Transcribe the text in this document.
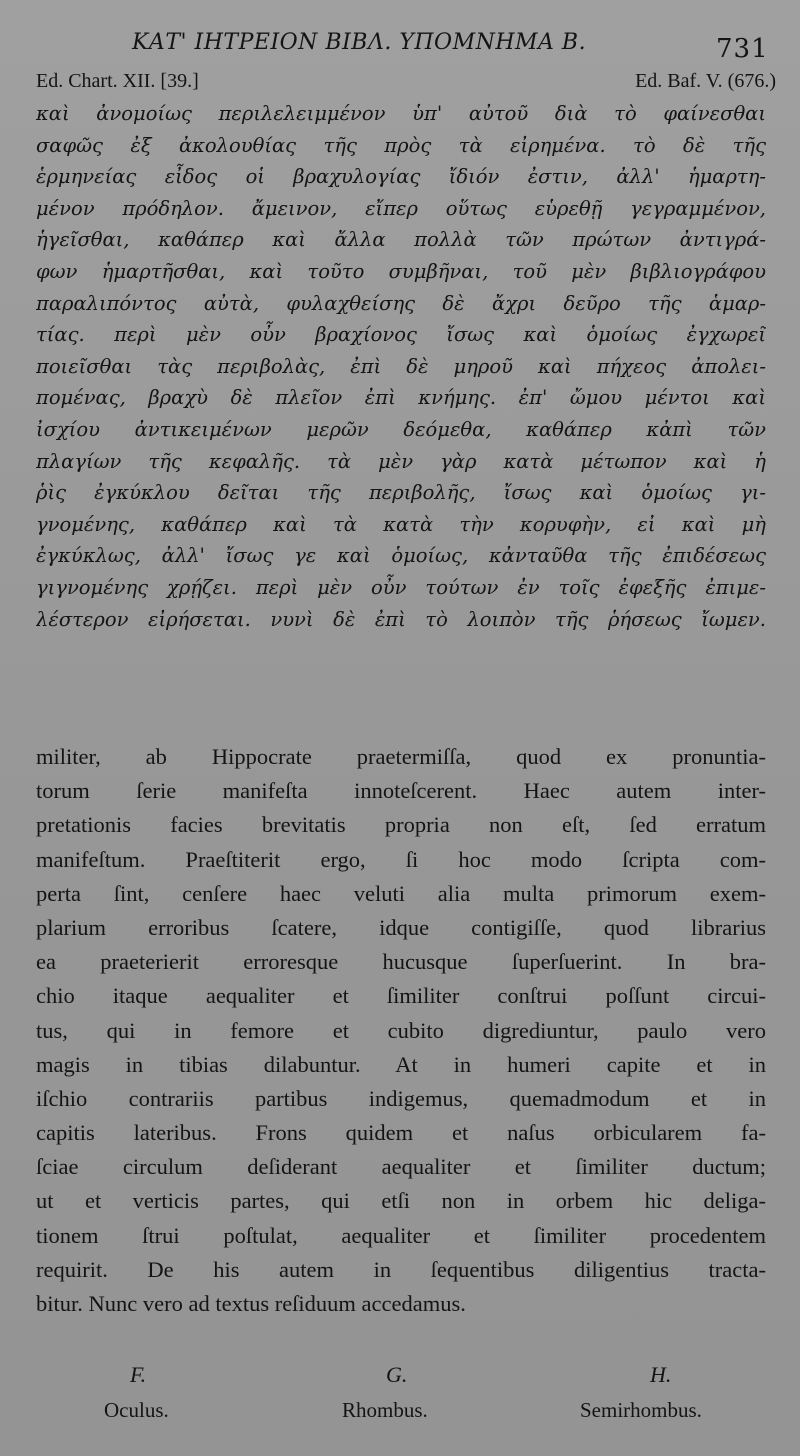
ΚΑΤ' ΙΗΤΡΕΙΟΝ ΒΙΒΛ. ΥΠΟΜΝΗΜΑ Β.	731
Ed. Chart. XII. [39.]	Ed. Baf. V. (676.)
καὶ ἀνομοίως περιλελειμμένον ὑπ' αὐτοῦ διὰ τὸ φαίνεσθαι
σαφῶς ἐξ ἀκολουθίας τῆς πρὸς τὰ εἰρημένα. τὸ δὲ τῆς
ἑρμηνείας εἶδος οἱ βραχυλογίας ἴδιόν ἐστιν, ἀλλ' ἡμαρτη-
μένον πρόδηλον. ἄμεινον, εἴπερ οὕτως εὑρεθῇ γεγραμμένον,
ἡγεῖσθαι, καθάπερ καὶ ἄλλα πολλὰ τῶν πρώτων ἀντιγρά-
φων ἡμαρτῆσθαι, καὶ τοῦτο συμβῆναι, τοῦ μὲν βιβλιογράφου
παραλιπόντος αὐτὰ, φυλαχθείσης δὲ ἄχρι δεῦρο τῆς ἁμαρ-
τίας. περὶ μὲν οὖν βραχίονος ἴσως καὶ ὁμοίως ἐγχωρεῖ
ποιεῖσθαι τὰς περιβολὰς, ἐπὶ δὲ μηροῦ καὶ πήχεος ἀπολει-
πομένας, βραχὺ δὲ πλεῖον ἐπὶ κνήμης. ἐπ' ὤμου μέντοι καὶ
ἰσχίου ἀντικειμένων μερῶν δεόμεθα, καθάπερ κἀπὶ τῶν
πλαγίων τῆς κεφαλῆς. τὰ μὲν γὰρ κατὰ μέτωπον καὶ ἡ
ῥὶς ἐγκύκλου δεῖται τῆς περιβολῆς, ἴσως καὶ ὁμοίως γι-
γνομένης, καθάπερ καὶ τὰ κατὰ τὴν κορυφὴν, εἰ καὶ μὴ
ἐγκύκλως, ἀλλ' ἴσως γε καὶ ὁμοίως, κἀνταῦθα τῆς ἐπιδέσεως
γιγνομένης χρῄζει. περὶ μὲν οὖν τούτων ἐν τοῖς ἐφεξῆς ἐπιμε-
λέστερον εἰρήσεται. νυνὶ δὲ ἐπὶ τὸ λοιπὸν τῆς ῥήσεως ἴωμεν.
militer, ab Hippocrate praetermiſſa, quod ex pronuntia-
torum ſerie manifeſta innoteſcerent. Haec autem inter-
pretationis facies brevitatis propria non eſt, ſed erratum
manifeſtum. Praeſtiterit ergo, ſi hoc modo ſcripta com-
perta ſint, cenſere haec veluti alia multa primorum exem-
plarium erroribus ſcatere, idque contigiſſe, quod librarius
ea praeterierit erroresque hucusque ſuperſuerint. In bra-
chio itaque aequaliter et ſimiliter conſtrui poſſunt circui-
tus, qui in femore et cubito digrediuntur, paulo vero
magis in tibias dilabuntur. At in humeri capite et in
iſchio contrariis partibus indigemus, quemadmodum et in
capitis lateribus. Frons quidem et naſus orbicularem fa-
ſciae circulum deſiderant aequaliter et ſimiliter ductum;
ut et verticis partes, qui etſi non in orbem hic deliga-
tionem ſtrui poſtulat, aequaliter et ſimiliter procedentem
requirit. De his autem in ſequentibus diligentius tracta-
bitur. Nunc vero ad textus reſiduum accedamus.
F.
Oculus.
G.
Rhombus.
H.
Semirhombus.
